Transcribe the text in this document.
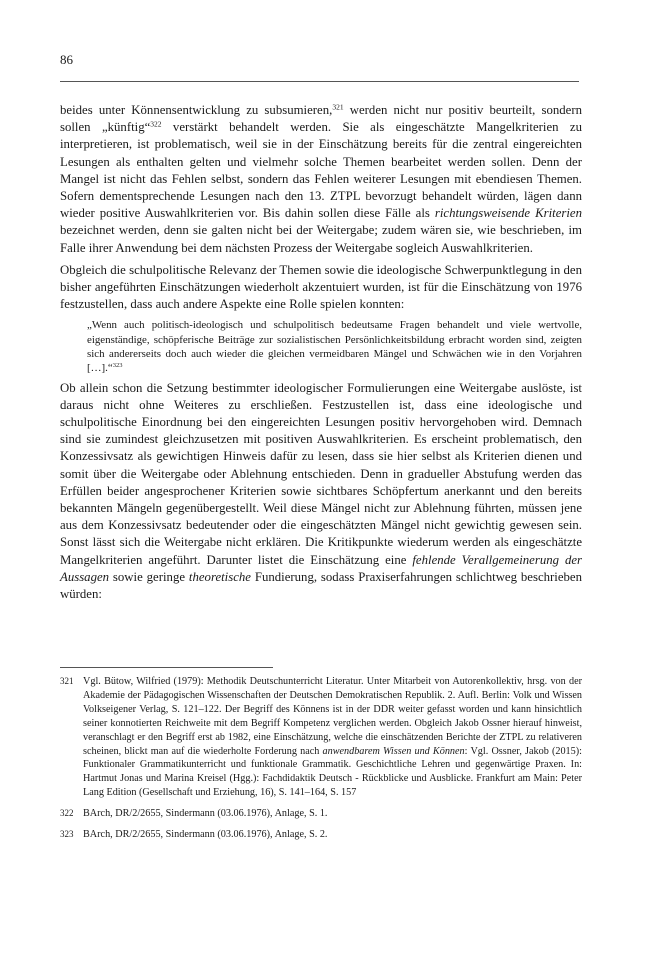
86

beides unter Könnensentwicklung zu subsumieren,$^{321}$ werden nicht nur positiv beurteilt, sondern sollen „künftig“$^{322}$ verstärkt behandelt werden. Sie als eingeschätzte Mangelkriterien zu interpretieren, ist problematisch, weil sie in der Einschätzung bereits für die zentral eingereichten Lesungen als enthalten gelten und vielmehr solche Themen bearbeitet werden sollen. Denn der Mangel ist nicht das Fehlen selbst, sondern das Fehlen weiterer Lesungen mit ebendiesen Themen. Sofern dementsprechende Lesungen nach den 13. ZTPL bevorzugt behandelt würden, lägen dann wieder positive Auswahlkriterien vor. Bis dahin sollen diese Fälle als richtungsweisende Kriterien bezeichnet werden, denn sie galten nicht bei der Weitergabe; zudem wären sie, wie beschrieben, im Falle ihrer Anwendung bei dem nächsten Prozess der Weitergabe sogleich Auswahlkriterien.

Obgleich die schulpolitische Relevanz der Themen sowie die ideologische Schwerpunktlegung in den bisher angeführten Einschätzungen wiederholt akzentuiert wurden, ist für die Einschätzung von 1976 festzustellen, dass auch andere Aspekte eine Rolle spielen konnten:

„Wenn auch politisch-ideologisch und schulpolitisch bedeutsame Fragen behandelt und viele wertvolle, eigenständige, schöpferische Beiträge zur sozialistischen Persönlichkeitsbildung erbracht worden sind, zeigten sich andererseits doch auch wieder die gleichen vermeidbaren Mängel und Schwächen wie in den Vorjahren […].“$^{323}$

Ob allein schon die Setzung bestimmter ideologischer Formulierungen eine Weitergabe auslöste, ist daraus nicht ohne Weiteres zu erschließen. Festzustellen ist, dass eine ideologische und schulpolitische Einordnung bei den eingereichten Lesungen positiv hervorgehoben wird. Demnach sind sie zumindest gleichzusetzen mit positiven Auswahlkriterien. Es erscheint problematisch, den Konzessivsatz als gewichtigen Hinweis dafür zu lesen, dass sie hier selbst als Kriterien dienen und somit über die Weitergabe oder Ablehnung entschieden. Denn in gradueller Abstufung werden das Erfüllen beider angesprochener Kriterien sowie sichtbares Schöpfertum anerkannt und den bereits bekannten Mängeln gegenübergestellt. Weil diese Mängel nicht zur Ablehnung führten, müssen jene aus dem Konzessivsatz bedeutender oder die eingeschätzten Mängel nicht gewichtig gewesen sein. Sonst lässt sich die Weitergabe nicht erklären. Die Kritikpunkte wiederum werden als eingeschätzte Mangelkriterien angeführt. Darunter listet die Einschätzung eine fehlende Verallgemeinerung der Aussagen sowie geringe theoretische Fundierung, sodass Praxiserfahrungen schlichtweg beschrieben würden:

321 Vgl. Bütow, Wilfried (1979): Methodik Deutschunterricht Literatur. Unter Mitarbeit von Autorenkollektiv, hrsg. von der Akademie der Pädagogischen Wissenschaften der Deutschen Demokratischen Republik. 2. Aufl. Berlin: Volk und Wissen Volkseigener Verlag, S. 121–122. Der Begriff des Könnens ist in der DDR weiter gefasst worden und kann hinsichtlich seiner konnotierten Reichweite mit dem Begriff Kompetenz verglichen werden. Obgleich Jakob Ossner hierauf hinweist, veranschlagt er den Begriff erst ab 1982, eine Einschätzung, welche die einschätzenden Berichte der ZTPL zu relativeren scheinen, blickt man auf die wiederholte Forderung nach anwendbarem Wissen und Können: Vgl. Ossner, Jakob (2015): Funktionaler Grammatikunterricht und funktionale Grammatik. Geschichtliche Lehren und gegenwärtige Praxen. In: Hartmut Jonas und Marina Kreisel (Hgg.): Fachdidaktik Deutsch - Rückblicke und Ausblicke. Frankfurt am Main: Peter Lang Edition (Gesellschaft und Erziehung, 16), S. 141–164, S. 157
322 BArch, DR/2/2655, Sindermann (03.06.1976), Anlage, S. 1.
323 BArch, DR/2/2655, Sindermann (03.06.1976), Anlage, S. 2.
